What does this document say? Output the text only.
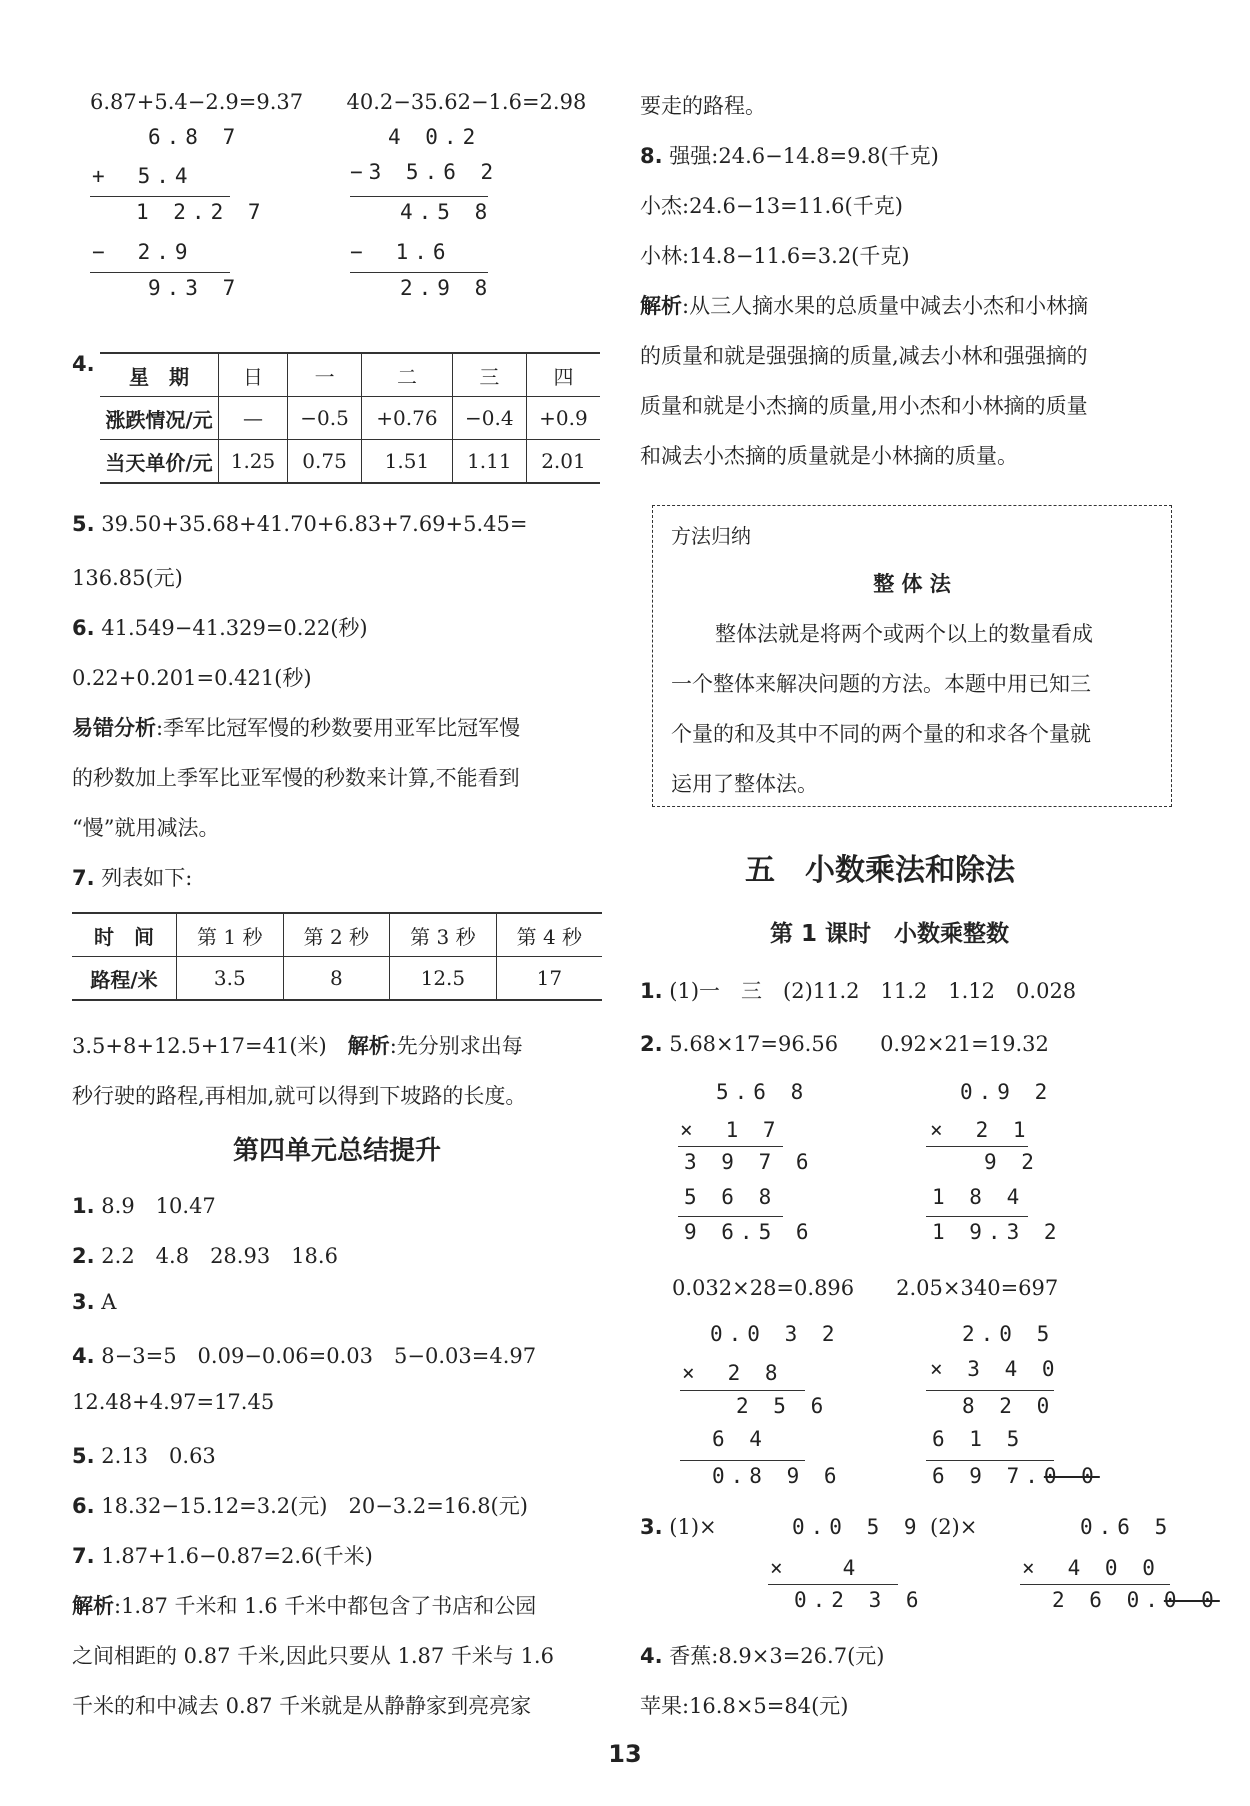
6.87+5.4−2.9=9.37 40.2−35.62−1.6=2.98
6.8 7
+　5.4
1 2.2 7
−　2.9
9.3 7
4 0.2
−3 5.6 2
4.5 8
−　1.6
2.9 8
4.
星　期	日	一	二	三	四
涨跌情况/元	—	−0.5	+0.76	−0.4	+0.9
当天单价/元	1.25	0.75	1.51	1.11	2.01
5. 39.50+35.68+41.70+6.83+7.69+5.45=
136.85(元)
6. 41.549−41.329=0.22(秒)
0.22+0.201=0.421(秒)
易错分析:季军比冠军慢的秒数要用亚军比冠军慢
的秒数加上季军比亚军慢的秒数来计算,不能看到
“慢”就用减法。
7. 列表如下:
时　间	第 1 秒	第 2 秒	第 3 秒	第 4 秒
路程/米	3.5	8	12.5	17
3.5+8+12.5+17=41(米)　 解析:先分别求出每
秒行驶的路程,再相加,就可以得到下坡路的长度。
第四单元总结提升
1. 8.9　10.47
2. 2.2　4.8　28.93　18.6
3. A
4. 8−3=5　0.09−0.06=0.03　5−0.03=4.97
12.48+4.97=17.45
5. 2.13　0.63
6. 18.32−15.12=3.2(元)　20−3.2=16.8(元)
7. 1.87+1.6−0.87=2.6(千米)
解析:1.87 千米和 1.6 千米中都包含了书店和公园
之间相距的 0.87 千米,因此只要从 1.87 千米与 1.6
千米的和中减去 0.87 千米就是从静静家到亮亮家
要走的路程。
8. 强强:24.6−14.8=9.8(千克)
小杰:24.6−13=11.6(千克)
小林:14.8−11.6=3.2(千克)
解析:从三人摘水果的总质量中减去小杰和小林摘
的质量和就是强强摘的质量,减去小林和强强摘的
质量和就是小杰摘的质量,用小杰和小林摘的质量
和减去小杰摘的质量就是小林摘的质量。
方法归纳
整 体 法
整体法就是将两个或两个以上的数量看成
一个整体来解决问题的方法。本题中用已知三
个量的和及其中不同的两个量的和求各个量就
运用了整体法。
五　小数乘法和除法
第 1 课时　小数乘整数
1. (1)一　三　(2)11.2　11.2　1.12　0.028
2. 5.68×17=96.56　　0.92×21=19.32
5.6 8
×　1 7
3 9 7 6
5 6 8
9 6.5 6
0.9 2
×　2 1
9 2
1 8 4
1 9.3 2
0.032×28=0.896　　2.05×340=697
0.0 3 2
×　2 8
2 5 6
6 4
0.8 9 6
2.0 5
× 3 4 0
8 2 0
6 1 5
6 9 7.0 0
3. (1)×	(2)×
0.0 5 9
×　　4
0.2 3 6
0.6 5
×　4 0 0
2 6 0.0 0
4. 香蕉:8.9×3=26.7(元)
苹果:16.8×5=84(元)
13
